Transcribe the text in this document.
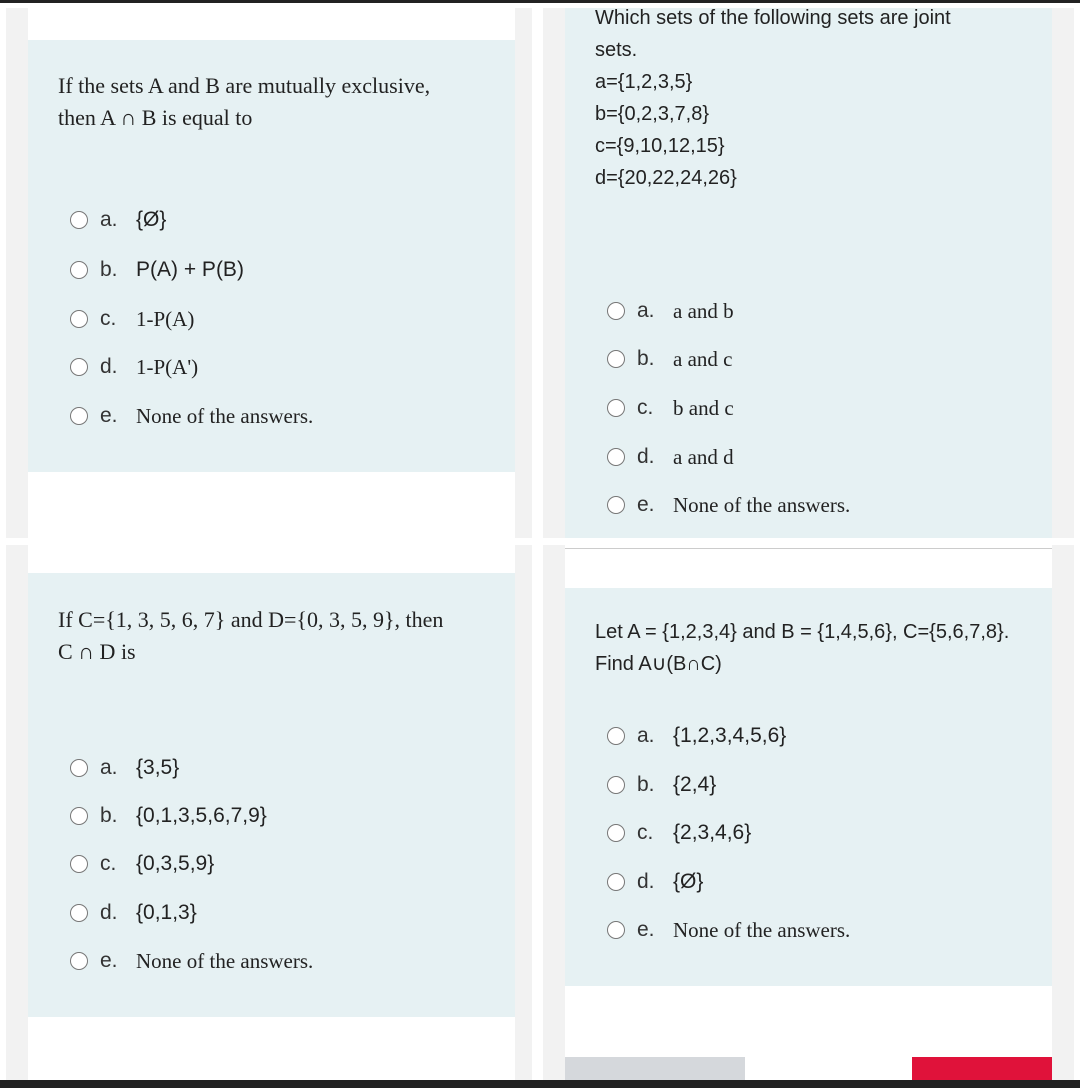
If the sets A and B are mutually exclusive,
then A ∩ B is equal to
a. {Ø}
b. P(A) + P(B)
c. 1-P(A)
d. 1-P(A')
e. None of the answers.
Which sets of the following sets are joint
sets.
a={1,2,3,5}
b={0,2,3,7,8}
c={9,10,12,15}
d={20,22,24,26}
a. a and b
b. a and c
c. b and c
d. a and d
e. None of the answers.
If C={1, 3, 5, 6, 7} and D={0, 3, 5, 9}, then
C ∩ D is
a. {3,5}
b. {0,1,3,5,6,7,9}
c. {0,3,5,9}
d. {0,1,3}
e. None of the answers.
Let A = {1,2,3,4} and B = {1,4,5,6}, C={5,6,7,8}.
Find A∪(B∩C)
a. {1,2,3,4,5,6}
b. {2,4}
c. {2,3,4,6}
d. {Ø}
e. None of the answers.
